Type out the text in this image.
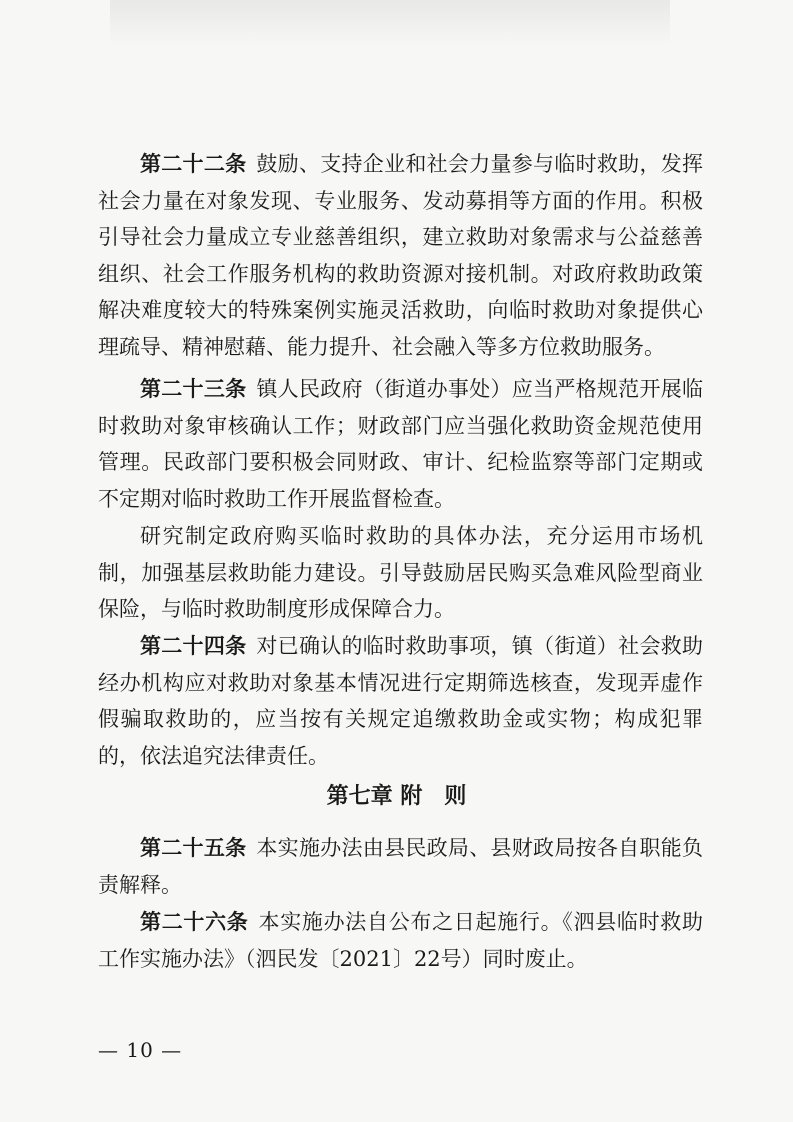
第二十二条 鼓励、支持企业和社会力量参与临时救助，发挥社会力量在对象发现、专业服务、发动募捐等方面的作用。积极引导社会力量成立专业慈善组织，建立救助对象需求与公益慈善组织、社会工作服务机构的救助资源对接机制。对政府救助政策解决难度较大的特殊案例实施灵活救助，向临时救助对象提供心理疏导、精神慰藉、能力提升、社会融入等多方位救助服务。

第二十三条 镇人民政府（街道办事处）应当严格规范开展临时救助对象审核确认工作；财政部门应当强化救助资金规范使用管理。民政部门要积极会同财政、审计、纪检监察等部门定期或不定期对临时救助工作开展监督检查。

研究制定政府购买临时救助的具体办法，充分运用市场机制，加强基层救助能力建设。引导鼓励居民购买急难风险型商业保险，与临时救助制度形成保障合力。

第二十四条 对已确认的临时救助事项，镇（街道）社会救助经办机构应对救助对象基本情况进行定期筛选核查，发现弄虚作假骗取救助的，应当按有关规定追缴救助金或实物；构成犯罪的，依法追究法律责任。

第七章 附　则

第二十五条 本实施办法由县民政局、县财政局按各自职能负责解释。

第二十六条 本实施办法自公布之日起施行。《泗县临时救助工作实施办法》（泗民发〔2021〕22号）同时废止。

— 10 —
